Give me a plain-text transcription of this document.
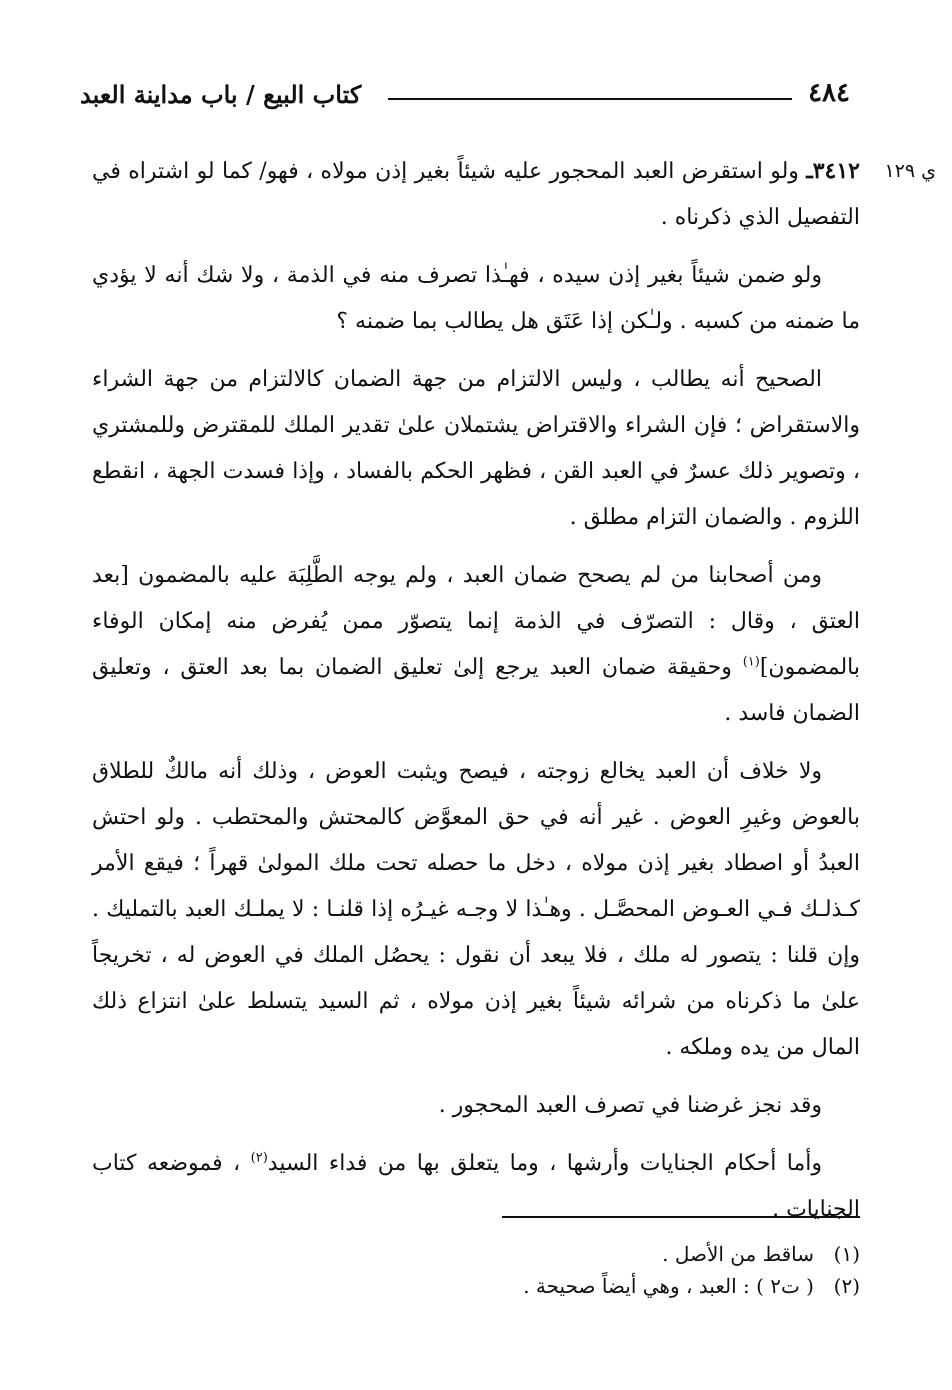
٤٨٤
كتاب البيع / باب مداينة العبد
ي ١٢٩

٣٤١٢ـ ولو استقرض العبد المحجور عليه شيئاً بغير إذن مولاه ، فهو/ كما لو اشتراه في التفصيل الذي ذكرناه .

ولو ضمن شيئاً بغير إذن سيده ، فهـٰذا تصرف منه في الذمة ، ولا شك أنه لا يؤدي ما ضمنه من كسبه . ولـٰكن إذا عَتَق هل يطالب بما ضمنه ؟

الصحيح أنه يطالب ، وليس الالتزام من جهة الضمان كالالتزام من جهة الشراء والاستقراض ؛ فإن الشراء والاقتراض يشتملان علىٰ تقدير الملك للمقترض وللمشتري ، وتصوير ذلك عسرٌ في العبد القن ، فظهر الحكم بالفساد ، وإذا فسدت الجهة ، انقطع اللزوم . والضمان التزام مطلق .

ومن أصحابنا من لم يصحح ضمان العبد ، ولم يوجه الطَّلِبَة عليه بالمضمون [بعد العتق ، وقال : التصرّف في الذمة إنما يتصوّر ممن يُفرض منه إمكان الوفاء بالمضمون]$^{(١)}$ وحقيقة ضمان العبد يرجع إلىٰ تعليق الضمان بما بعد العتق ، وتعليق الضمان فاسد .

ولا خلاف أن العبد يخالع زوجته ، فيصح ويثبت العوض ، وذلك أنه مالكٌ للطلاق بالعوض وغيرِ العوض . غير أنه في حق المعوَّض كالمحتش والمحتطب . ولو احتش العبدُ أو اصطاد بغير إذن مولاه ، دخل ما حصله تحت ملك المولىٰ قهراً ؛ فيقع الأمر كـذلـك فـي العـوض المحصَّـل . وهـٰذا لا وجـه غيـرُه إذا قلنـا : لا يملـك العبد بالتمليك . وإن قلنا : يتصور له ملك ، فلا يبعد أن نقول : يحصُل الملك في العوض له ، تخريجاً علىٰ ما ذكرناه من شرائه شيئاً بغير إذن مولاه ، ثم السيد يتسلط علىٰ انتزاع ذلك المال من يده وملكه .

وقد نجز غرضنا في تصرف العبد المحجور .

وأما أحكام الجنايات وأرشها ، وما يتعلق بها من فداء السيد$^{(٢)}$ ، فموضعه كتاب الجنايات .

(١)ساقط من الأصل .

(٢)( ت٢ ) : العبد ، وهي أيضاً صحيحة .
